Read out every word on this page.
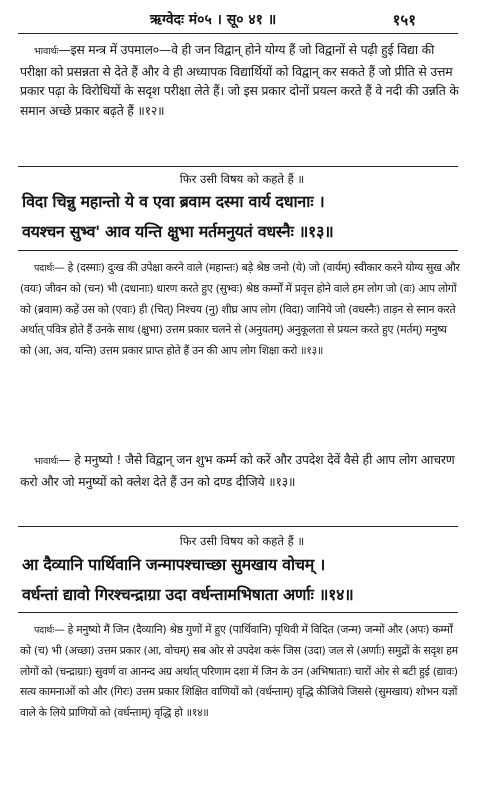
ऋग्वेदः मं०५ । सू० ४१ ॥	१५१
भावार्थः—इस मन्त्र में उपमाल०—वे ही जन विद्वान् होने योग्य हैं जो विद्वानों से पढ़ी हुई विद्या की परीक्षा को प्रसन्नता से देते हैं और वे ही अध्यापक विद्यार्थियों को विद्वान् कर सकते हैं जो प्रीति से उत्तम प्रकार पढ़ा के विरोधियों के सदृश परीक्षा लेते हैं। जो इस प्रकार दोनों प्रयत्न करते हैं वे नदी की उन्नति के समान अच्छे प्रकार बढ़ते हैं ॥१२॥
फिर उसी विषय को कहते हैं ॥
विदा चिन्नु महान्तो ये व एवा ब्रवाम दस्मा वार्य दधानाः ।
वयश्चन सुभ्व' आव यन्ति क्षुभा मर्तमनुयतं वधस्नैः ॥१३॥
पदार्थः— हे (दस्माः) दुःख की उपेक्षा करने वाले (महान्तः) बड़े श्रेष्ठ जनो (ये) जो (वार्यम्) स्वीकार करने योग्य सुख और (वयः) जीवन को (चन) भी (दधानाः) धारण करते हुए (सुभ्वः) श्रेष्ठ कर्म्मों में प्रवृत्त होने वाले हम लोग जो (वः) आप लोगों को (ब्रवाम) कहें उस को (एवाः) ही (चित्) निश्चय (नु) शीघ्र आप लोग (विदा) जानिये जो (वधस्नैः) ताड़न से स्नान करते अर्थात् पवित्र होते हैं उनके साथ (क्षुभा) उत्तम प्रकार चलने से (अनुयतम्) अनुकूलता से प्रयत्न करते हुए (मर्तम्) मनुष्य को (आ, अव, यन्ति) उत्तम प्रकार प्राप्त होते हैं उन की आप लोग शिक्षा करो ॥१३॥
भावार्थः— हे मनुष्यो ! जैसे विद्वान् जन शुभ कर्म्म को करें और उपदेश देवें वैसे ही आप लोग आचरण करो और जो मनुष्यों को क्लेश देते हैं उन को दण्ड दीजिये ॥१३॥
फिर उसी विषय को कहते हैं ॥
आ दैव्यानि पार्थिवानि जन्मापश्चाच्छा सुमखाय वोचम् ।
वर्धन्तां द्यावो गिरश्चन्द्राग्रा उदा वर्धन्तामभिषाता अर्णाः ॥१४॥
पदार्थः— हे मनुष्यो मैं जिन (दैव्यानि) श्रेष्ठ गुणों में हुए (पार्थिवानि) पृथिवी में विदित (जन्म) जन्मों और (अपः) कर्म्मों को (च) भी (अच्छा) उत्तम प्रकार (आ, वोचम्) सब ओर से उपदेश करूं जिस (उदा) जल से (अर्णाः) समुद्रों के सदृश हम लोगों को (चन्द्राग्राः) सुवर्ण वा आनन्द अग्र अर्थात् परिणाम दशा में जिन के उन (अभिषाताः) चारों ओर से बटी हुई (द्यावः) सत्य कामनाओं को और (गिरः) उत्तम प्रकार शिक्षित वाणियों को (वर्धन्ताम्) वृद्धि कीजिये जिससे (सुमखाय) शोभन यज्ञों वाले के लिये प्राणियों को (वर्धन्ताम्) वृद्धि हो ॥१४॥
